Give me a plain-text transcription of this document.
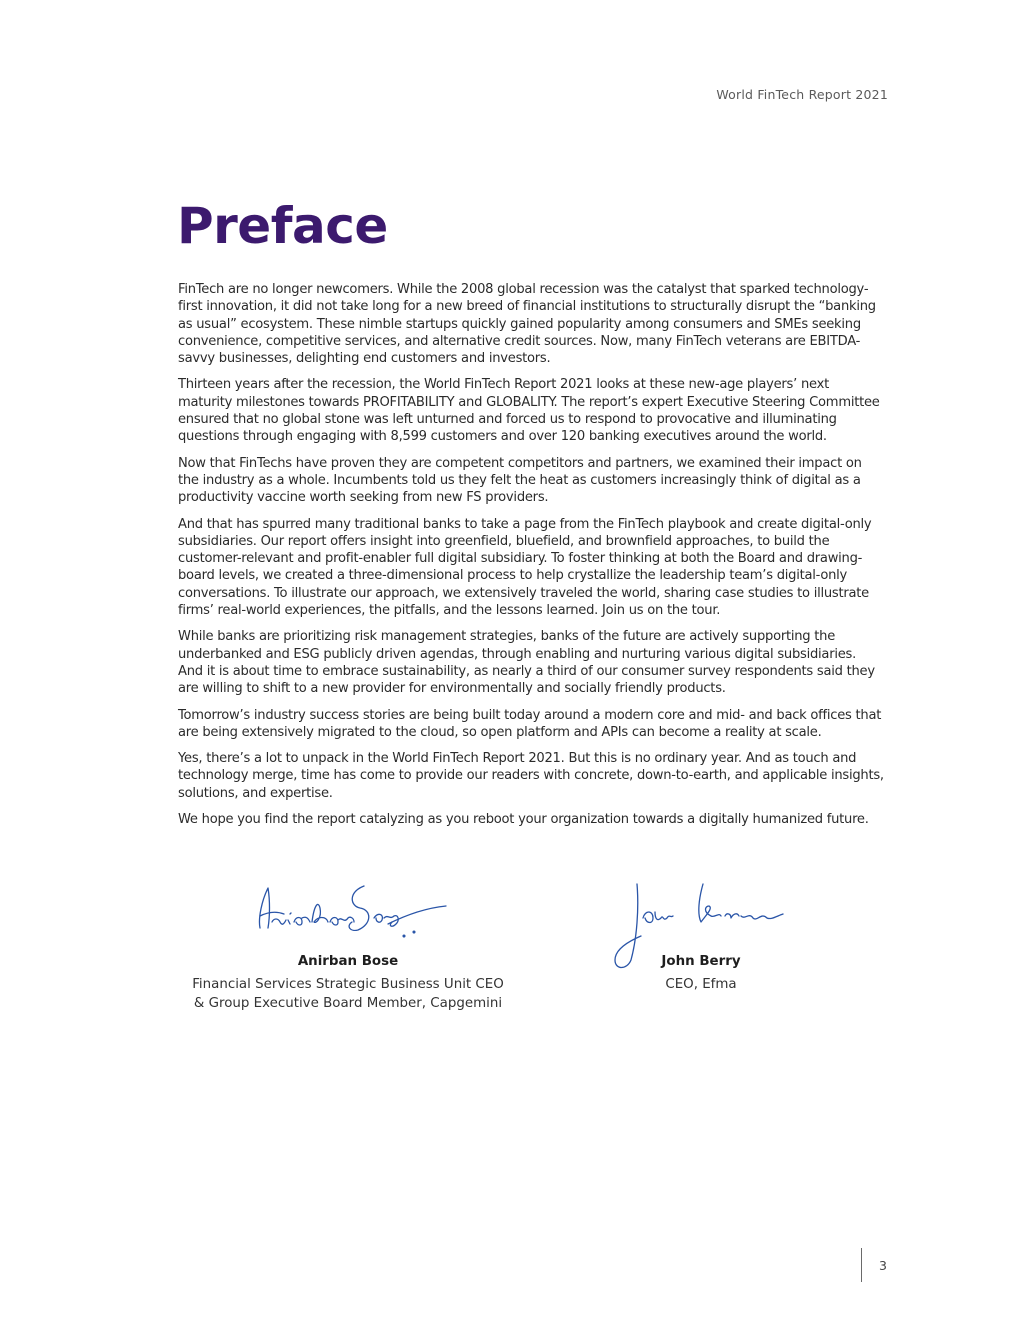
World FinTech Report 2021
Preface

FinTech are no longer newcomers. While the 2008 global recession was the catalyst that sparked technology-first innovation, it did not take long for a new breed of financial institutions to structurally disrupt the “banking as usual” ecosystem. These nimble startups quickly gained popularity among consumers and SMEs seeking convenience, competitive services, and alternative credit sources. Now, many FinTech veterans are EBITDA-savvy businesses, delighting end customers and investors.

Thirteen years after the recession, the World FinTech Report 2021 looks at these new-age players’ next maturity milestones towards PROFITABILITY and GLOBALITY. The report’s expert Executive Steering Committee ensured that no global stone was left unturned and forced us to respond to provocative and illuminating questions through engaging with 8,599 customers and over 120 banking executives around the world.

Now that FinTechs have proven they are competent competitors and partners, we examined their impact on the industry as a whole. Incumbents told us they felt the heat as customers increasingly think of digital as a productivity vaccine worth seeking from new FS providers.

And that has spurred many traditional banks to take a page from the FinTech playbook and create digital-only subsidiaries. Our report offers insight into greenfield, bluefield, and brownfield approaches, to build the customer-relevant and profit-enabler full digital subsidiary. To foster thinking at both the Board and drawing-board levels, we created a three-dimensional process to help crystallize the leadership team’s digital-only conversations. To illustrate our approach, we extensively traveled the world, sharing case studies to illustrate firms’ real-world experiences, the pitfalls, and the lessons learned. Join us on the tour.

While banks are prioritizing risk management strategies, banks of the future are actively supporting the underbanked and ESG publicly driven agendas, through enabling and nurturing various digital subsidiaries. And it is about time to embrace sustainability, as nearly a third of our consumer survey respondents said they are willing to shift to a new provider for environmentally and socially friendly products.

Tomorrow’s industry success stories are being built today around a modern core and mid- and back offices that are being extensively migrated to the cloud, so open platform and APIs can become a reality at scale.

Yes, there’s a lot to unpack in the World FinTech Report 2021. But this is no ordinary year. And as touch and technology merge, time has come to provide our readers with concrete, down-to-earth, and applicable insights, solutions, and expertise.

We hope you find the report catalyzing as you reboot your organization towards a digitally humanized future.

Anirban Bose
Financial Services Strategic Business Unit CEO
& Group Executive Board Member, Capgemini
John Berry
CEO, Efma
3
